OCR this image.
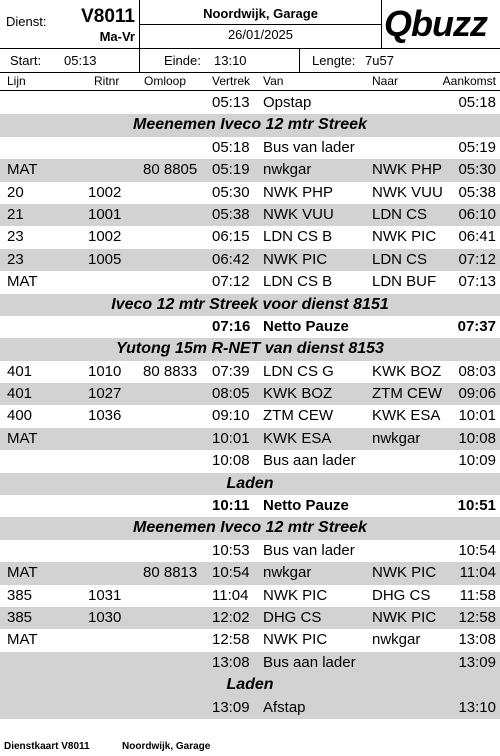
Dienst: V8011
Ma-Vr
Noordwijk, Garage
26/01/2025	Qbuzz
Start: 05:13	Einde: 13:10	Lengte: 7u57
Lijn	Ritnr Omloop Vertrek Van	Naar	Aankomst
05:13 Opstap	05:18
Meenemen Iveco 12 mtr Streek
05:18 Bus van lader	05:19
MAT	80 8805 05:19 nwkgar	NWK PHP 05:30
20	1002	05:30 NWK PHP	NWK VUU 05:38
21	1001	05:38 NWK VUU	LDN CS 06:10
23	1002	06:15 LDN CS B	NWK PIC 06:41
23	1005	06:42 NWK PIC	LDN CS 07:12
MAT	07:12 LDN CS B	LDN BUF 07:13
Iveco 12 mtr Streek voor dienst 8151
07:16 Netto Pauze	07:37
Yutong 15m R-NET van dienst 8153
401	1010 80 8833 07:39 LDN CS G	KWK BOZ 08:03
401	1027	08:05 KWK BOZ	ZTM CEW 09:06
400	1036	09:10 ZTM CEW	KWK ESA 10:01
MAT	10:01 KWK ESA	nwkgar	10:08
10:08 Bus aan lader	10:09
Laden
10:11 Netto Pauze	10:51
Meenemen Iveco 12 mtr Streek
10:53 Bus van lader	10:54
MAT	80 8813 10:54 nwkgar	NWK PIC 11:04
385	1031	11:04 NWK PIC	DHG CS 11:58
385	1030	12:02 DHG CS	NWK PIC 12:58
MAT	12:58 NWK PIC	nwkgar	13:08
13:08 Bus aan lader	13:09
Laden
13:09 Afstap	13:10
Dienstkaart V8011	Noordwijk, Garage
